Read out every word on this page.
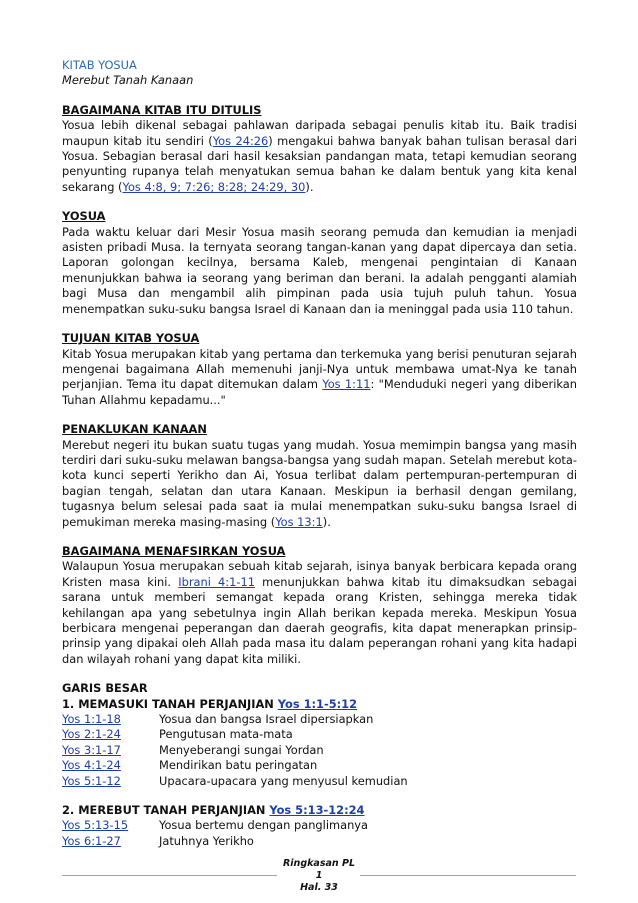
KITAB YOSUA
Merebut Tanah Kanaan
BAGAIMANA KITAB ITU DITULIS
Yosua lebih dikenal sebagai pahlawan daripada sebagai penulis kitab itu. Baik tradisi maupun kitab itu sendiri (Yos 24:26) mengakui bahwa banyak bahan tulisan berasal dari Yosua. Sebagian berasal dari hasil kesaksian pandangan mata, tetapi kemudian seorang penyunting rupanya telah menyatukan semua bahan ke dalam bentuk yang kita kenal sekarang (Yos 4:8, 9; 7:26; 8:28; 24:29, 30).
YOSUA
Pada waktu keluar dari Mesir Yosua masih seorang pemuda dan kemudian ia menjadi asisten pribadi Musa. Ia ternyata seorang tangan-kanan yang dapat dipercaya dan setia. Laporan golongan kecilnya, bersama Kaleb, mengenai pengintaian di Kanaan menunjukkan bahwa ia seorang yang beriman dan berani. Ia adalah pengganti alamiah bagi Musa dan mengambil alih pimpinan pada usia tujuh puluh tahun. Yosua menempatkan suku-suku bangsa Israel di Kanaan dan ia meninggal pada usia 110 tahun.
TUJUAN KITAB YOSUA
Kitab Yosua merupakan kitab yang pertama dan terkemuka yang berisi penuturan sejarah mengenai bagaimana Allah memenuhi janji-Nya untuk membawa umat-Nya ke tanah perjanjian. Tema itu dapat ditemukan dalam Yos 1:11: "Menduduki negeri yang diberikan Tuhan Allahmu kepadamu..."
PENAKLUKAN KANAAN
Merebut negeri itu bukan suatu tugas yang mudah. Yosua memimpin bangsa yang masih terdiri dari suku-suku melawan bangsa-bangsa yang sudah mapan. Setelah merebut kota-kota kunci seperti Yerikho dan Ai, Yosua terlibat dalam pertempuran-pertempuran di bagian tengah, selatan dan utara Kanaan. Meskipun ia berhasil dengan gemilang, tugasnya belum selesai pada saat ia mulai menempatkan suku-suku bangsa Israel di pemukiman mereka masing-masing (Yos 13:1).
BAGAIMANA MENAFSIRKAN YOSUA
Walaupun Yosua merupakan sebuah kitab sejarah, isinya banyak berbicara kepada orang Kristen masa kini. Ibrani 4:1-11 menunjukkan bahwa kitab itu dimaksudkan sebagai sarana untuk memberi semangat kepada orang Kristen, sehingga mereka tidak kehilangan apa yang sebetulnya ingin Allah berikan kepada mereka. Meskipun Yosua berbicara mengenai peperangan dan daerah geografis, kita dapat menerapkan prinsip-prinsip yang dipakai oleh Allah pada masa itu dalam peperangan rohani yang kita hadapi dan wilayah rohani yang dapat kita miliki.
GARIS BESAR
1. MEMASUKI TANAH PERJANJIAN Yos 1:1-5:12
Yos 1:1-18	Yosua dan bangsa Israel dipersiapkan
Yos 2:1-24	Pengutusan mata-mata
Yos 3:1-17	Menyeberangi sungai Yordan
Yos 4:1-24	Mendirikan batu peringatan
Yos 5:1-12	Upacara-upacara yang menyusul kemudian
2. MEREBUT TANAH PERJANJIAN Yos 5:13-12:24
Yos 5:13-15	Yosua bertemu dengan panglimanya
Yos 6:1-27	Jatuhnya Yerikho
Ringkasan PL
1
Hal. 33
